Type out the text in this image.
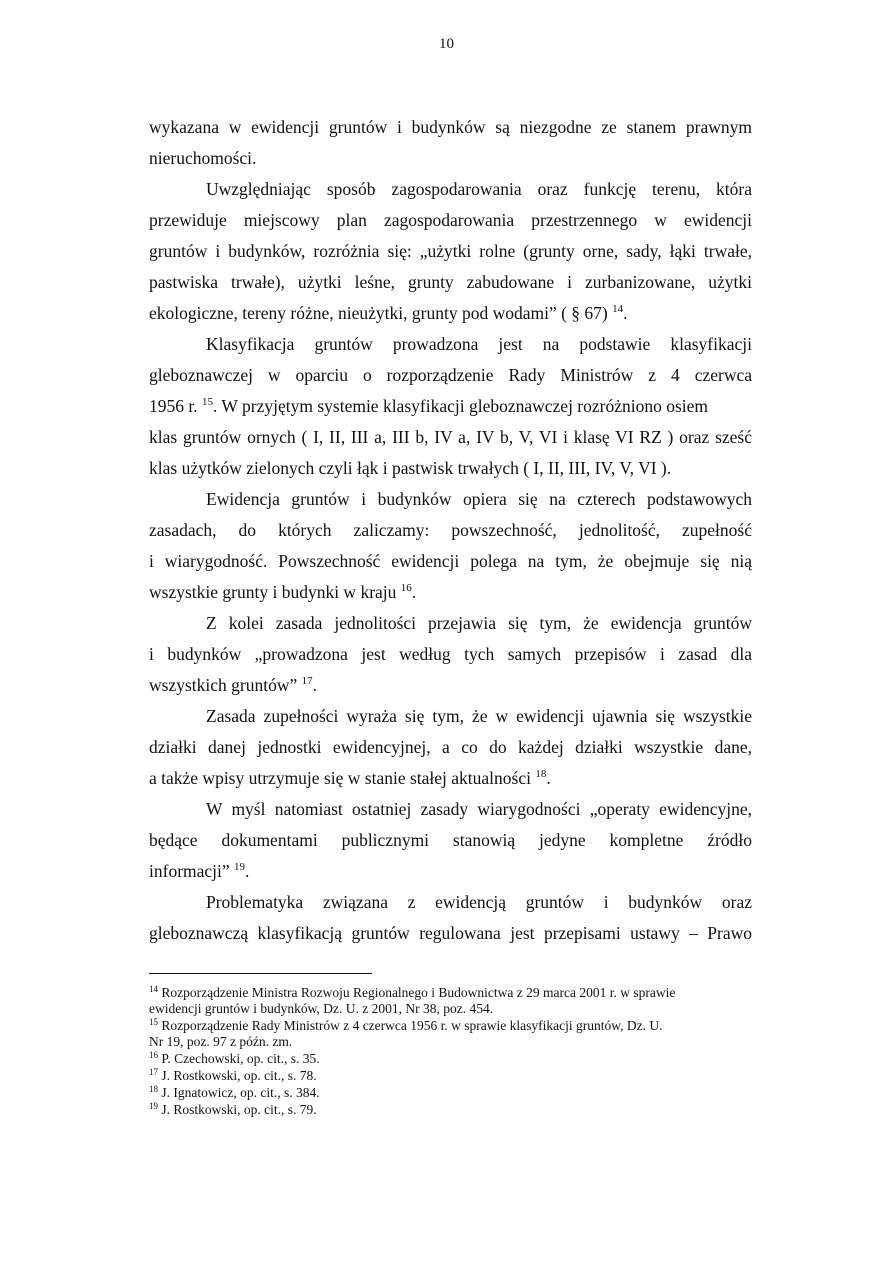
10
wykazana w ewidencji gruntów i budynków są niezgodne ze stanem prawnym
nieruchomości.
Uwzględniając sposób zagospodarowania oraz funkcję terenu, która
przewiduje miejscowy plan zagospodarowania przestrzennego w ewidencji
gruntów i budynków, rozróżnia się: „użytki rolne (grunty orne, sady, łąki trwałe,
pastwiska trwałe), użytki leśne, grunty zabudowane i zurbanizowane, użytki
ekologiczne, tereny różne, nieużytki, grunty pod wodami” ( § 67) $^{14}$.
Klasyfikacja gruntów prowadzona jest na podstawie klasyfikacji
gleboznawczej w oparciu o rozporządzenie Rady Ministrów z 4 czerwca
1956 r. $^{15}$. W przyjętym systemie klasyfikacji gleboznawczej rozróżniono osiem
klas gruntów ornych ( I, II, III a, III b, IV a, IV b, V, VI i klasę VI RZ ) oraz sześć
klas użytków zielonych czyli łąk i pastwisk trwałych ( I, II, III, IV, V, VI ).
Ewidencja gruntów i budynków opiera się na czterech podstawowych
zasadach, do których zaliczamy: powszechność, jednolitość, zupełność
i wiarygodność. Powszechność ewidencji polega na tym, że obejmuje się nią
wszystkie grunty i budynki w kraju $^{16}$.
Z kolei zasada jednolitości przejawia się tym, że ewidencja gruntów
i budynków „prowadzona jest według tych samych przepisów i zasad dla
wszystkich gruntów” $^{17}$.
Zasada zupełności wyraża się tym, że w ewidencji ujawnia się wszystkie
działki danej jednostki ewidencyjnej, a co do każdej działki wszystkie dane,
a także wpisy utrzymuje się w stanie stałej aktualności $^{18}$.
W myśl natomiast ostatniej zasady wiarygodności „operaty ewidencyjne,
będące dokumentami publicznymi stanowią jedyne kompletne źródło
informacji” $^{19}$.
Problematyka związana z ewidencją gruntów i budynków oraz
gleboznawczą klasyfikacją gruntów regulowana jest przepisami ustawy – Prawo
$^{14}$ Rozporządzenie Ministra Rozwoju Regionalnego i Budownictwa z 29 marca 2001 r. w sprawie
ewidencji gruntów i budynków, Dz. U. z 2001, Nr 38, poz. 454.
$^{15}$ Rozporządzenie Rady Ministrów z 4 czerwca 1956 r. w sprawie klasyfikacji gruntów, Dz. U.
Nr 19, poz. 97 z późn. zm.
$^{16}$ P. Czechowski, op. cit., s. 35.
$^{17}$ J. Rostkowski, op. cit., s. 78.
$^{18}$ J. Ignatowicz, op. cit., s. 384.
$^{19}$ J. Rostkowski, op. cit., s. 79.
